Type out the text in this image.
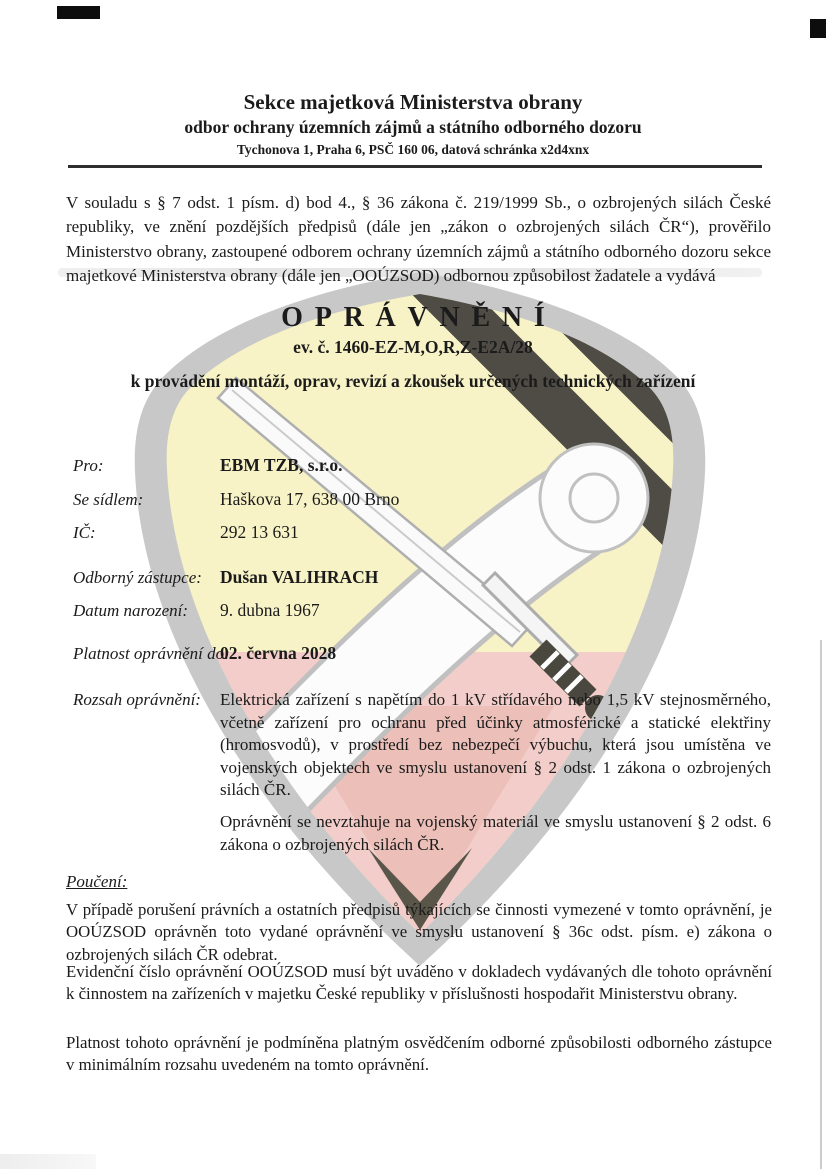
Sekce majetková Ministerstva obrany
odbor ochrany územních zájmů a státního odborného dozoru
Tychonova 1, Praha 6, PSČ 160 06, datová schránka x2d4xnx
V souladu s § 7 odst. 1 písm. d) bod 4., § 36 zákona č. 219/1999 Sb., o ozbrojených silách České republiky, ve znění pozdějších předpisů (dále jen „zákon o ozbrojených silách ČR“), prověřilo Ministerstvo obrany, zastoupené odborem ochrany územních zájmů a státního odborného dozoru sekce majetkové Ministerstva obrany (dále jen „OOÚZSOD) odbornou způsobilost žadatele a vydává
OPRÁVNĚNÍ
ev. č. 1460-EZ-M,O,R,Z-E2A/28
k provádění montáží, oprav, revizí a zkoušek určených technických zařízení
Pro:	EBM TZB, s.r.o.
Se sídlem:	Haškova 17, 638 00 Brno
IČ:	292 13 631
Odborný zástupce: Dušan VALIHRACH
Datum narození: 9. dubna 1967
Platnost oprávnění do:
02. června 2028
Rozsah oprávnění: Elektrická zařízení s napětím do 1 kV střídavého nebo 1,5 kV stejnosměrného, včetně zařízení pro ochranu před účinky atmosférické a statické elektřiny (hromosvodů), v prostředí bez nebezpečí výbuchu, která jsou umístěna ve vojenských objektech ve smyslu ustanovení § 2 odst. 1 zákona o ozbrojených silách ČR.
Oprávnění se nevztahuje na vojenský materiál ve smyslu ustanovení § 2 odst. 6 zákona o ozbrojených silách ČR.
Poučení:
V případě porušení právních a ostatních předpisů týkajících se činnosti vymezené v tomto oprávnění, je OOÚZSOD oprávněn toto vydané oprávnění ve smyslu ustanovení § 36c odst. písm. e) zákona o ozbrojených silách ČR odebrat.
Evidenční číslo oprávnění OOÚZSOD musí být uváděno v dokladech vydávaných dle tohoto oprávnění k činnostem na zařízeních v majetku České republiky v příslušnosti hospodařit Ministerstvu obrany.
Platnost tohoto oprávnění je podmíněna platným osvědčením odborné způsobilosti odborného zástupce v minimálním rozsahu uvedeném na tomto oprávnění.
